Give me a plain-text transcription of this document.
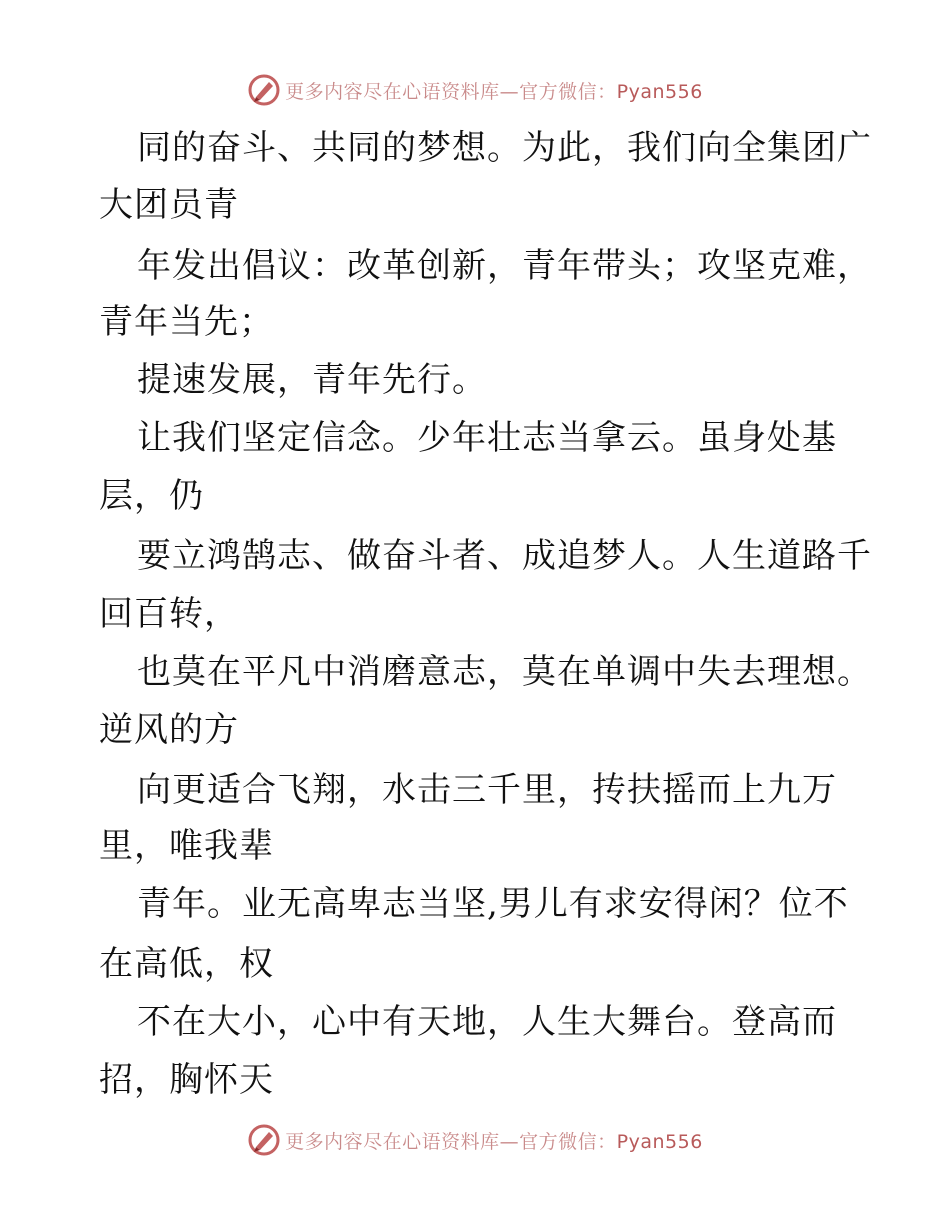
更多内容尽在心语资料库—官方微信：Pyan556
同的奋斗、共同的梦想。为此，我们向全集团广
大团员青
年发出倡议：改革创新，青年带头；攻坚克难，
青年当先；
提速发展，青年先行。
让我们坚定信念。少年壮志当拿云。虽身处基
层，仍
要立鸿鹄志、做奋斗者、成追梦人。人生道路千
回百转，
也莫在平凡中消磨意志，莫在单调中失去理想。
逆风的方
向更适合飞翔，水击三千里，抟扶摇而上九万
里，唯我辈
青年。业无高卑志当坚,男儿有求安得闲？位不
在高低，权
不在大小，心中有天地，人生大舞台。登高而
招，胸怀天
更多内容尽在心语资料库—官方微信：Pyan556
